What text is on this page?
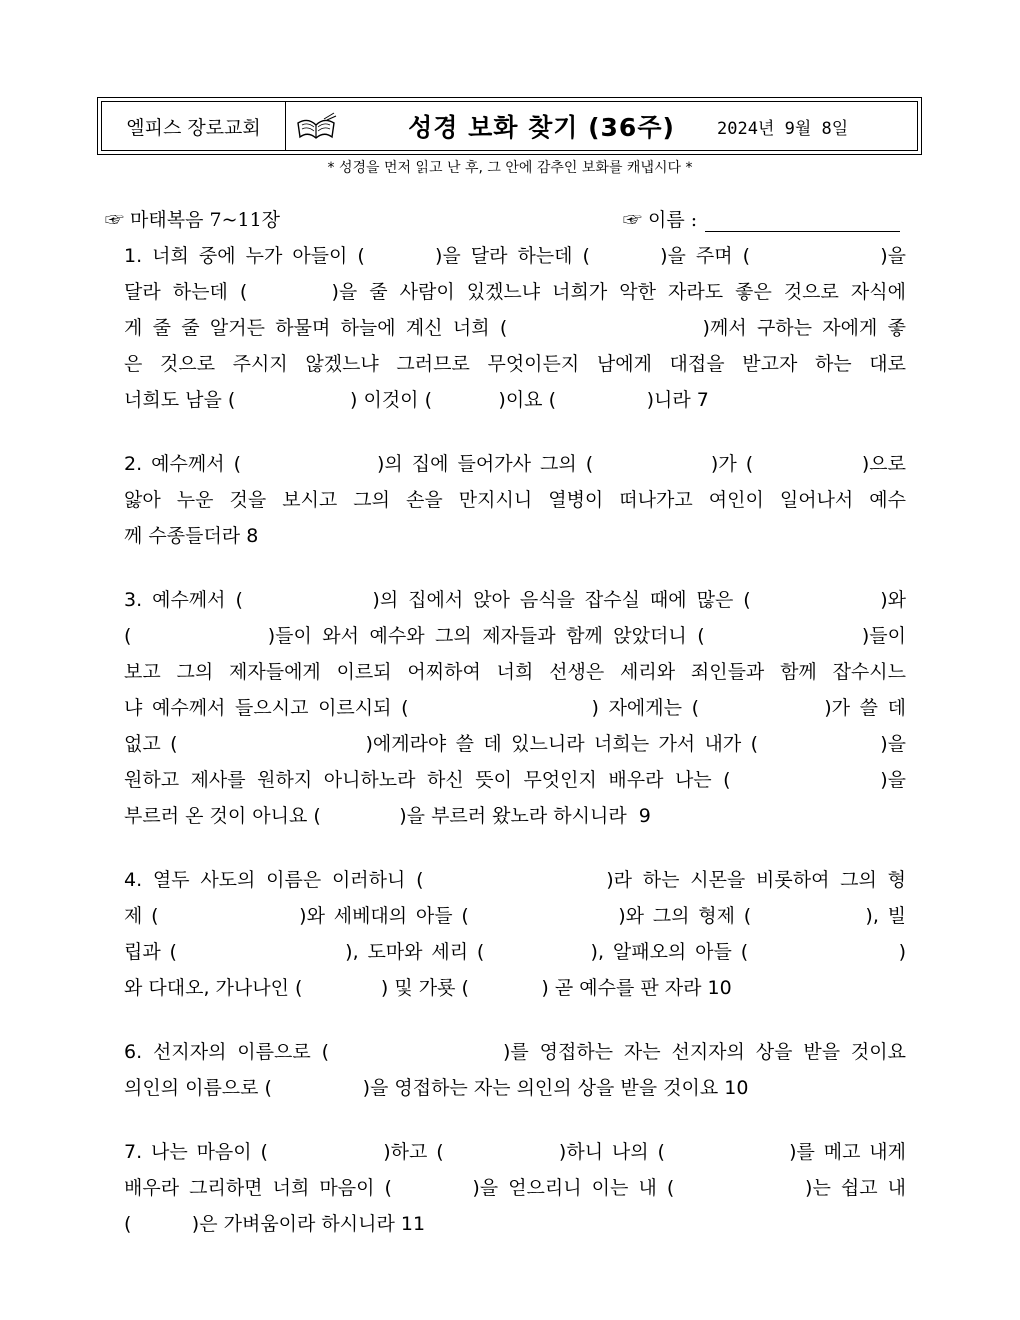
엘피스 장로교회	성경 보화 찾기 (36주)	2024년 9월 8일
* 성경을 먼저 읽고 난 후, 그 안에 감추인 보화를 캐냅시다 *
☞ 마태복음 7~11장	☞ 이름 :
1. 너희 중에 누가 아들이 (       )을 달라 하는데 (       )을 주며 (             )을
달라 하는데 (       )을 줄 사람이 있겠느냐 너희가 악한 자라도 좋은 것으로 자식에
게 줄 줄 알거든 하물며 하늘에 계신 너희 (                   )께서 구하는 자에게 좋
은 것으로 주시지 않겠느냐 그러므로 무엇이든지 남에게 대접을 받고자 하는 대로
너희도 남을 (                   ) 이것이 (           )이요 (               )니라 7
2. 예수께서 (               )의 집에 들어가사 그의 (             )가 (            )으로
앓아 누운 것을 보시고 그의 손을 만지시니 열병이 떠나가고 여인이 일어나서 예수
께 수종들더라 8
3. 예수께서 (             )의 집에서 앉아 음식을 잡수실 때에 많은 (             )와
(             )들이 와서 예수와 그의 제자들과 함께 앉았더니 (               )들이
보고 그의 제자들에게 이르되 어찌하여 너희 선생은 세리와 죄인들과 함께 잡수시느
냐 예수께서 들으시고 이르시되 (                   ) 자에게는 (             )가 쓸 데
없고 (                    )에게라야 쓸 데 있느니라 너희는 가서 내가 (             )을
원하고 제사를 원하지 아니하노라 하신 뜻이 무엇인지 배우라 나는 (             )을
부르러 온 것이 아니요 (             )을 부르러 왔노라 하시니라  9
4. 열두 사도의 이름은 이러하니 (                 )라 하는 시몬을 비롯하여 그의 형
제 (                )와 세베대의 아들 (                 )와 그의 형제 (             ), 빌
립과 (                   ), 도마와 세리 (            ), 알패오의 아들 (                 )
와 다대오, 가나나인 (             ) 및 가룟 (            ) 곧 예수를 판 자라 10
6. 선지자의 이름으로 (                )를 영접하는 자는 선지자의 상을 받을 것이요
의인의 이름으로 (               )을 영접하는 자는 의인의 상을 받을 것이요 10
7. 나는 마음이 (             )하고 (             )하니 나의 (              )를 메고 내게
배우라 그리하면 너희 마음이 (        )을 얻으리니 이는 내 (             )는 쉽고 내
(          )은 가벼움이라 하시니라 11
